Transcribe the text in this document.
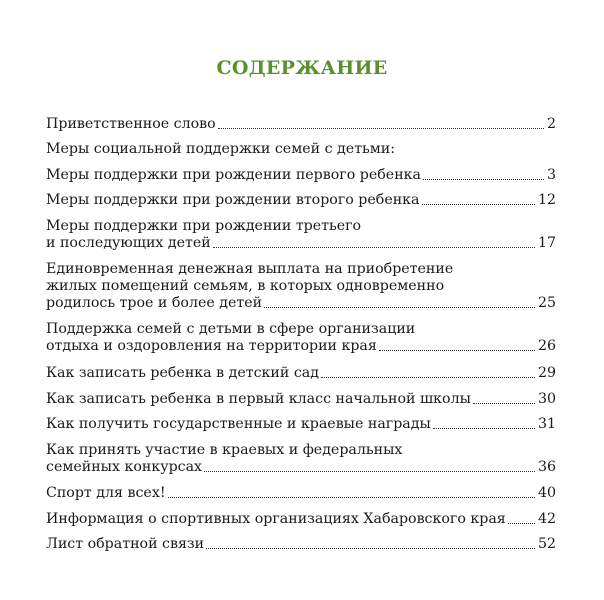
СОДЕРЖАНИЕ
Приветственное слово	2
Меры социальной поддержки семей с детьми:
Меры поддержки при рождении первого ребенка	3
Меры поддержки при рождении второго ребенка	12
Меры поддержки при рождении третьего
и последующих детей	17
Единовременная денежная выплата на приобретение
жилых помещений семьям, в которых одновременно
родилось трое и более детей	25
Поддержка семей с детьми в сфере организации
отдыха и оздоровления на территории края	26
Как записать ребенка в детский сад	29
Как записать ребенка в первый класс начальной школы	30
Как получить государственные и краевые награды	31
Как принять участие в краевых и федеральных
семейных конкурсах	36
Спорт для всех!	40
Информация о спортивных организациях Хабаровского края 42
Лист обратной связи	52
